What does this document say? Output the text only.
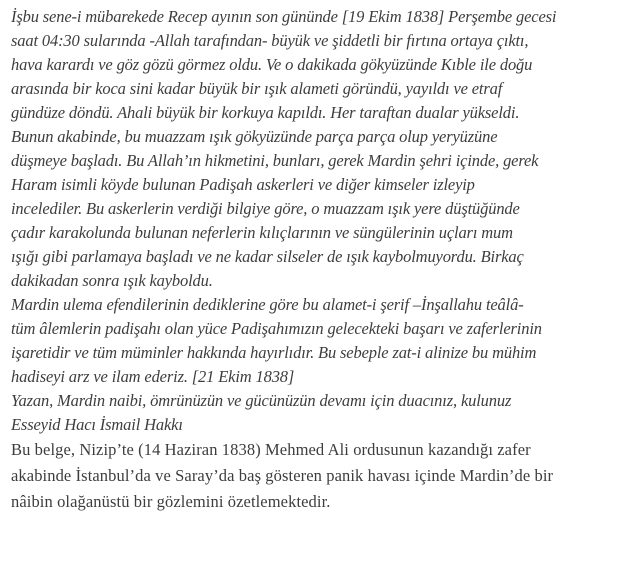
İşbu sene-i mübarekede Recep ayının son gününde [19 Ekim 1838] Perşembe gecesi
saat 04:30 sularında -Allah tarafından- büyük ve şiddetli bir fırtına ortaya çıktı,
hava karardı ve göz gözü görmez oldu. Ve o dakikada gökyüzünde Kıble ile doğu
arasında bir koca sini kadar büyük bir ışık alameti göründü, yayıldı ve etraf
gündüze döndü. Ahali büyük bir korkuya kapıldı. Her taraftan dualar yükseldi.
Bunun akabinde, bu muazzam ışık gökyüzünde parça parça olup yeryüzüne
düşmeye başladı. Bu Allah’ın hikmetini, bunları, gerek Mardin şehri içinde, gerek
Haram isimli köyde bulunan Padişah askerleri ve diğer kimseler izleyip
incelediler. Bu askerlerin verdiği bilgiye göre, o muazzam ışık yere düştüğünde
çadır karakolunda bulunan neferlerin kılıçlarının ve süngülerinin uçları mum
ışığı gibi parlamaya başladı ve ne kadar silseler de ışık kaybolmuyordu. Birkaç
dakikadan sonra ışık kayboldu.

Mardin ulema efendilerinin dediklerine göre bu alamet-i şerif –İnşallahu teâlâ-
tüm âlemlerin padişahı olan yüce Padişahımızın gelecekteki başarı ve zaferlerinin
işaretidir ve tüm müminler hakkında hayırlıdır. Bu sebeple zat-i alinize bu mühim
hadiseyi arz ve ilam ederiz. [21 Ekim 1838]

Yazan, Mardin naibi, ömrünüzün ve gücünüzün devamı için duacınız, kulunuz
Esseyid Hacı İsmail Hakkı

Bu belge, Nizip’te (14 Haziran 1838) Mehmed Ali ordusunun kazandığı zafer
akabinde İstanbul’da ve Saray’da baş gösteren panik havası içinde Mardin’de bir
nâibin olağanüstü bir gözlemini özetlemektedir.
